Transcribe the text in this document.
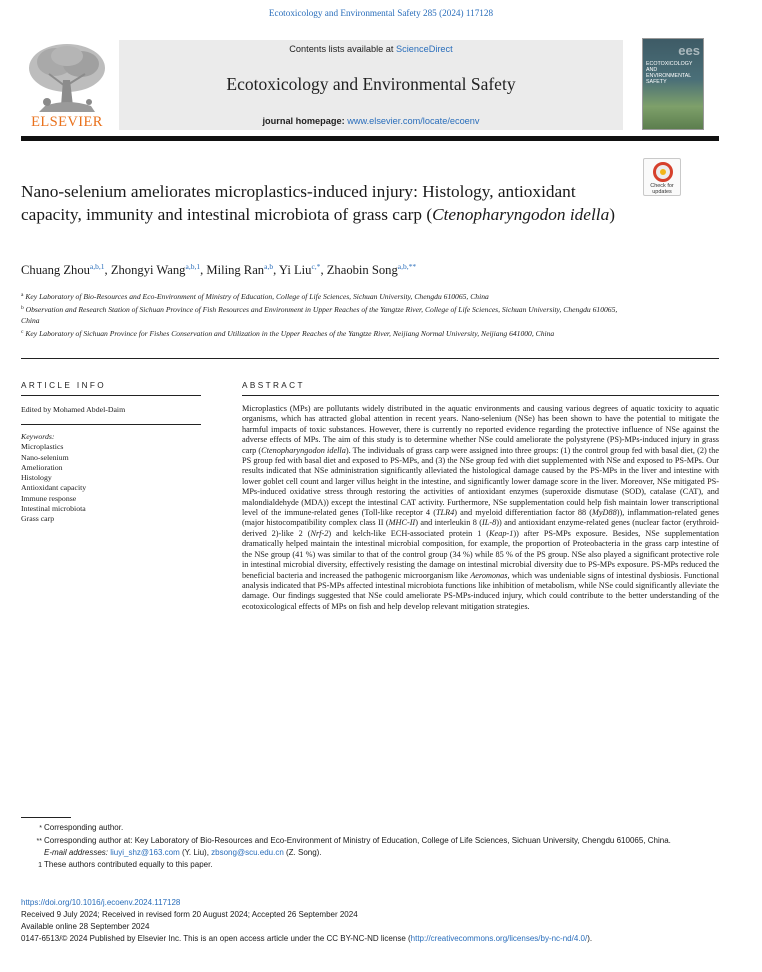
Ecotoxicology and Environmental Safety 285 (2024) 117128
ELSEVIER
Contents lists available at ScienceDirect
Ecotoxicology and Environmental Safety
journal homepage: www.elsevier.com/locate/ecoenv
ees
ECOTOXICOLOGY AND ENVIRONMENTAL SAFETY
Check for
updates
Nano-selenium ameliorates microplastics-induced injury: Histology, antioxidant capacity, immunity and intestinal microbiota of grass carp (Ctenopharyngodon idella)
Chuang Zhou$^{a,b,1}$, Zhongyi Wang$^{a,b,1}$, Miling Ran$^{a,b}$, Yi Liu$^{c,*}$, Zhaobin Song$^{a,b,**}$
$^a$ Key Laboratory of Bio-Resources and Eco-Environment of Ministry of Education, College of Life Sciences, Sichuan University, Chengdu 610065, China
$^b$ Observation and Research Station of Sichuan Province of Fish Resources and Environment in Upper Reaches of the Yangtze River, College of Life Sciences, Sichuan University, Chengdu 610065, China
$^c$ Key Laboratory of Sichuan Province for Fishes Conservation and Utilization in the Upper Reaches of the Yangtze River, Neijiang Normal University, Neijiang 641000, China
ARTICLE INFO	ABSTRACT
Edited by Mohamed Abdel-Daim
Keywords:
Microplastics
Nano-selenium
Amelioration
Histology
Antioxidant capacity
Immune response
Intestinal microbiota
Grass carp
Microplastics (MPs) are pollutants widely distributed in the aquatic environments and causing various degrees of aquatic toxicity to aquatic organisms, which has attracted global attention in recent years. Nano-selenium (NSe) has been shown to have the potential to mitigate the harmful impacts of toxic substances. However, there is currently no reported evidence regarding the protective influence of NSe against the adverse effects of MPs. The aim of this study is to determine whether NSe could ameliorate the polystyrene (PS)-MPs-induced injury in grass carp (Ctenopharyngodon idella). The individuals of grass carp were assigned into three groups: (1) the control group fed with basal diet, (2) the PS group fed with basal diet and exposed to PS-MPs, and (3) the NSe group fed with diet supplemented with NSe and exposed to PS-MPs. Our results indicated that NSe administration significantly alleviated the histological damage caused by the PS-MPs in the liver and intestine with lower goblet cell count and larger villus height in the intestine, and significantly lower damage score in the liver. Moreover, NSe mitigated PS-MPs-induced oxidative stress through restoring the activities of antioxidant enzymes (superoxide dismutase (SOD), catalase (CAT), and malondialdehyde (MDA)) except the intestinal CAT activity. Furthermore, NSe supplementation could help fish maintain lower transcriptional level of the immune-related genes (Toll-like receptor 4 (TLR4) and myeloid differentiation factor 88 (MyD88)), inflammation-related genes (major histocompatibility complex class II (MHC-II) and interleukin 8 (IL-8)) and antioxidant enzyme-related genes (nuclear factor (erythroid-derived 2)-like 2 (Nrf-2) and kelch-like ECH-associated protein 1 (Keap-1)) after PS-MPs exposure. Besides, NSe supplementation dramatically helped maintain the intestinal microbial composition, for example, the proportion of Proteobacteria in the grass carp intestine of the NSe group (41 %) was similar to that of the control group (34 %) while 85 % of the PS group. NSe also played a significant protective role in intestinal microbial diversity, effectively resisting the damage on intestinal microbial diversity due to PS-MPs exposure. PS-MPs reduced the beneficial bacteria and increased the pathogenic microorganism like Aeromonas, which was undeniable signs of intestinal dysbiosis. Functional analysis indicated that PS-MPs affected intestinal microbiota functions like inhibition of metabolism, while NSe could significantly alleviate the damage. Our findings suggested that NSe could ameliorate PS-MPs-induced injury, which could contribute to the better understanding of the ecotoxicological effects of MPs on fish and help develop relevant mitigation strategies.
* Corresponding author.
** Corresponding author at: Key Laboratory of Bio-Resources and Eco-Environment of Ministry of Education, College of Life Sciences, Sichuan University, Chengdu 610065, China.
E-mail addresses: liuyi_shz@163.com (Y. Liu), zbsong@scu.edu.cn (Z. Song).
1 These authors contributed equally to this paper.
https://doi.org/10.1016/j.ecoenv.2024.117128
Received 9 July 2024; Received in revised form 20 August 2024; Accepted 26 September 2024
Available online 28 September 2024
0147-6513/© 2024 Published by Elsevier Inc. This is an open access article under the CC BY-NC-ND license (http://creativecommons.org/licenses/by-nc-nd/4.0/).
